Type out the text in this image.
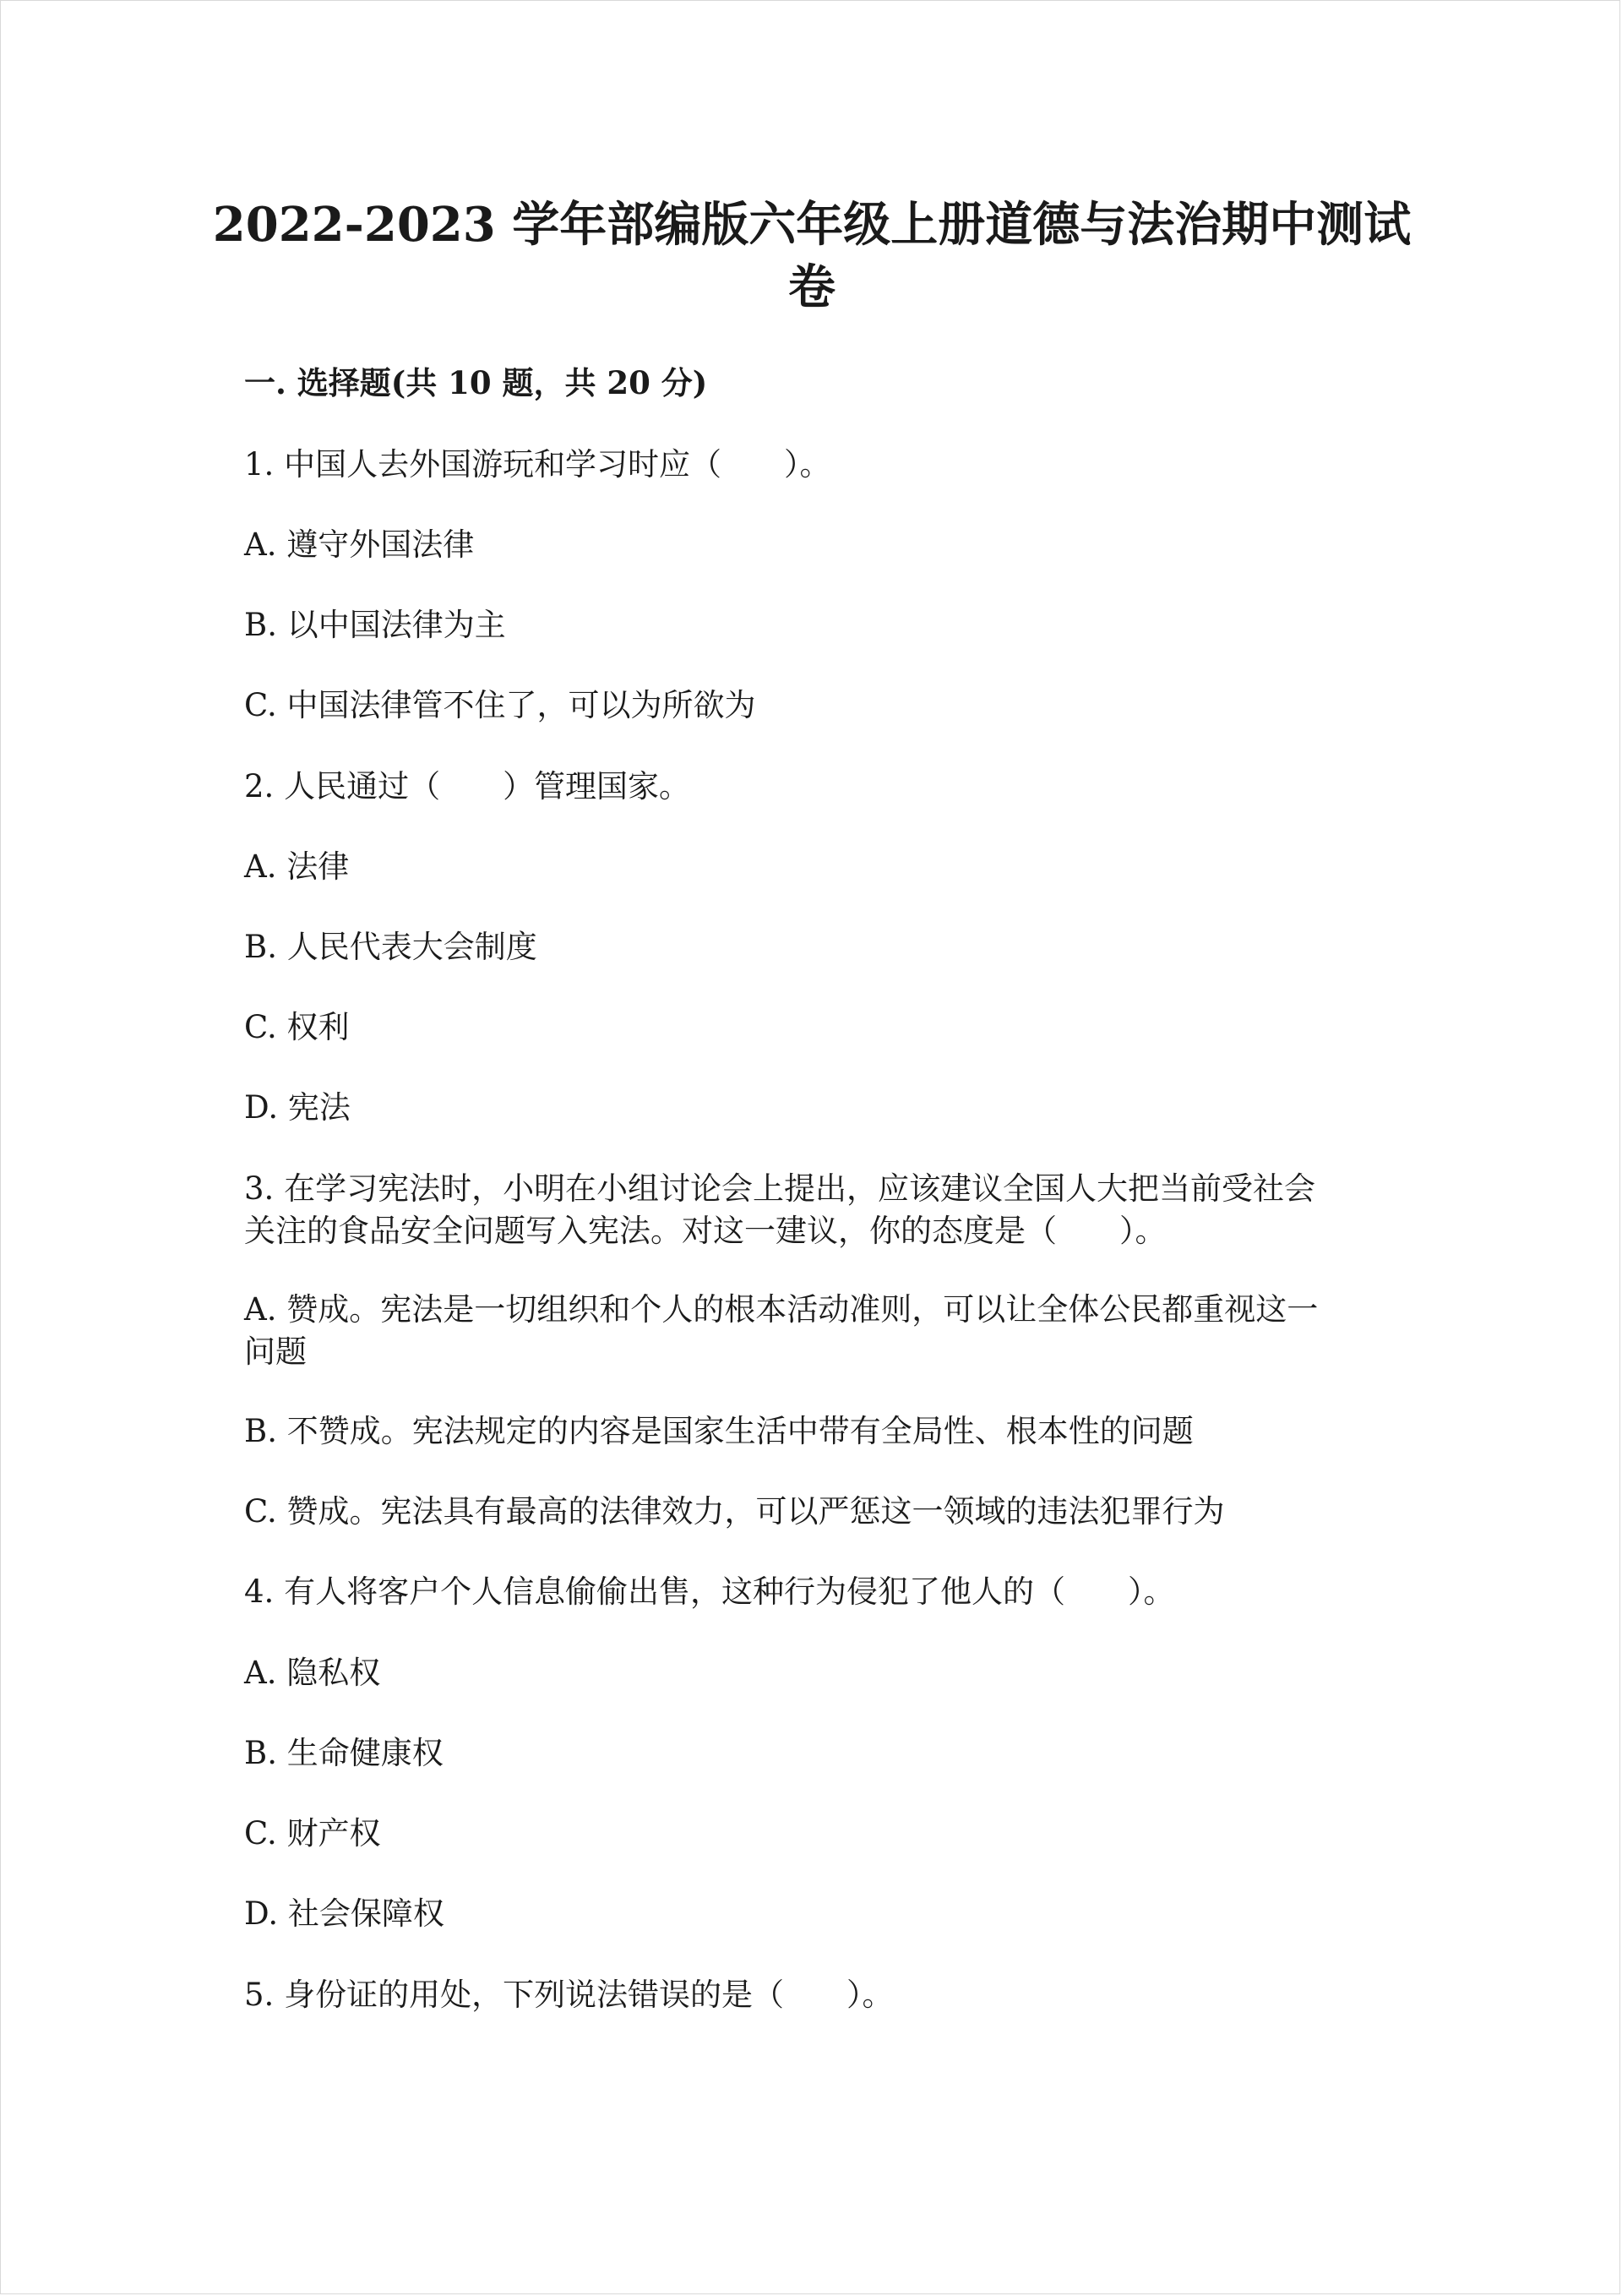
2022-2023 学年部编版六年级上册道德与法治期中测试卷

一. 选择题(共 10 题，共 20 分)

1. 中国人去外国游玩和学习时应（　　）。

A. 遵守外国法律

B. 以中国法律为主

C. 中国法律管不住了，可以为所欲为

2. 人民通过（　　）管理国家。

A. 法律

B. 人民代表大会制度

C. 权利

D. 宪法

3. 在学习宪法时，小明在小组讨论会上提出，应该建议全国人大把当前受社会

关注的食品安全问题写入宪法。对这一建议，你的态度是（　　）。

A. 赞成。宪法是一切组织和个人的根本活动准则，可以让全体公民都重视这一

问题

B. 不赞成。宪法规定的内容是国家生活中带有全局性、根本性的问题

C. 赞成。宪法具有最高的法律效力，可以严惩这一领域的违法犯罪行为

4. 有人将客户个人信息偷偷出售，这种行为侵犯了他人的（　　）。

A. 隐私权

B. 生命健康权

C. 财产权

D. 社会保障权

5. 身份证的用处，下列说法错误的是（　　）。
